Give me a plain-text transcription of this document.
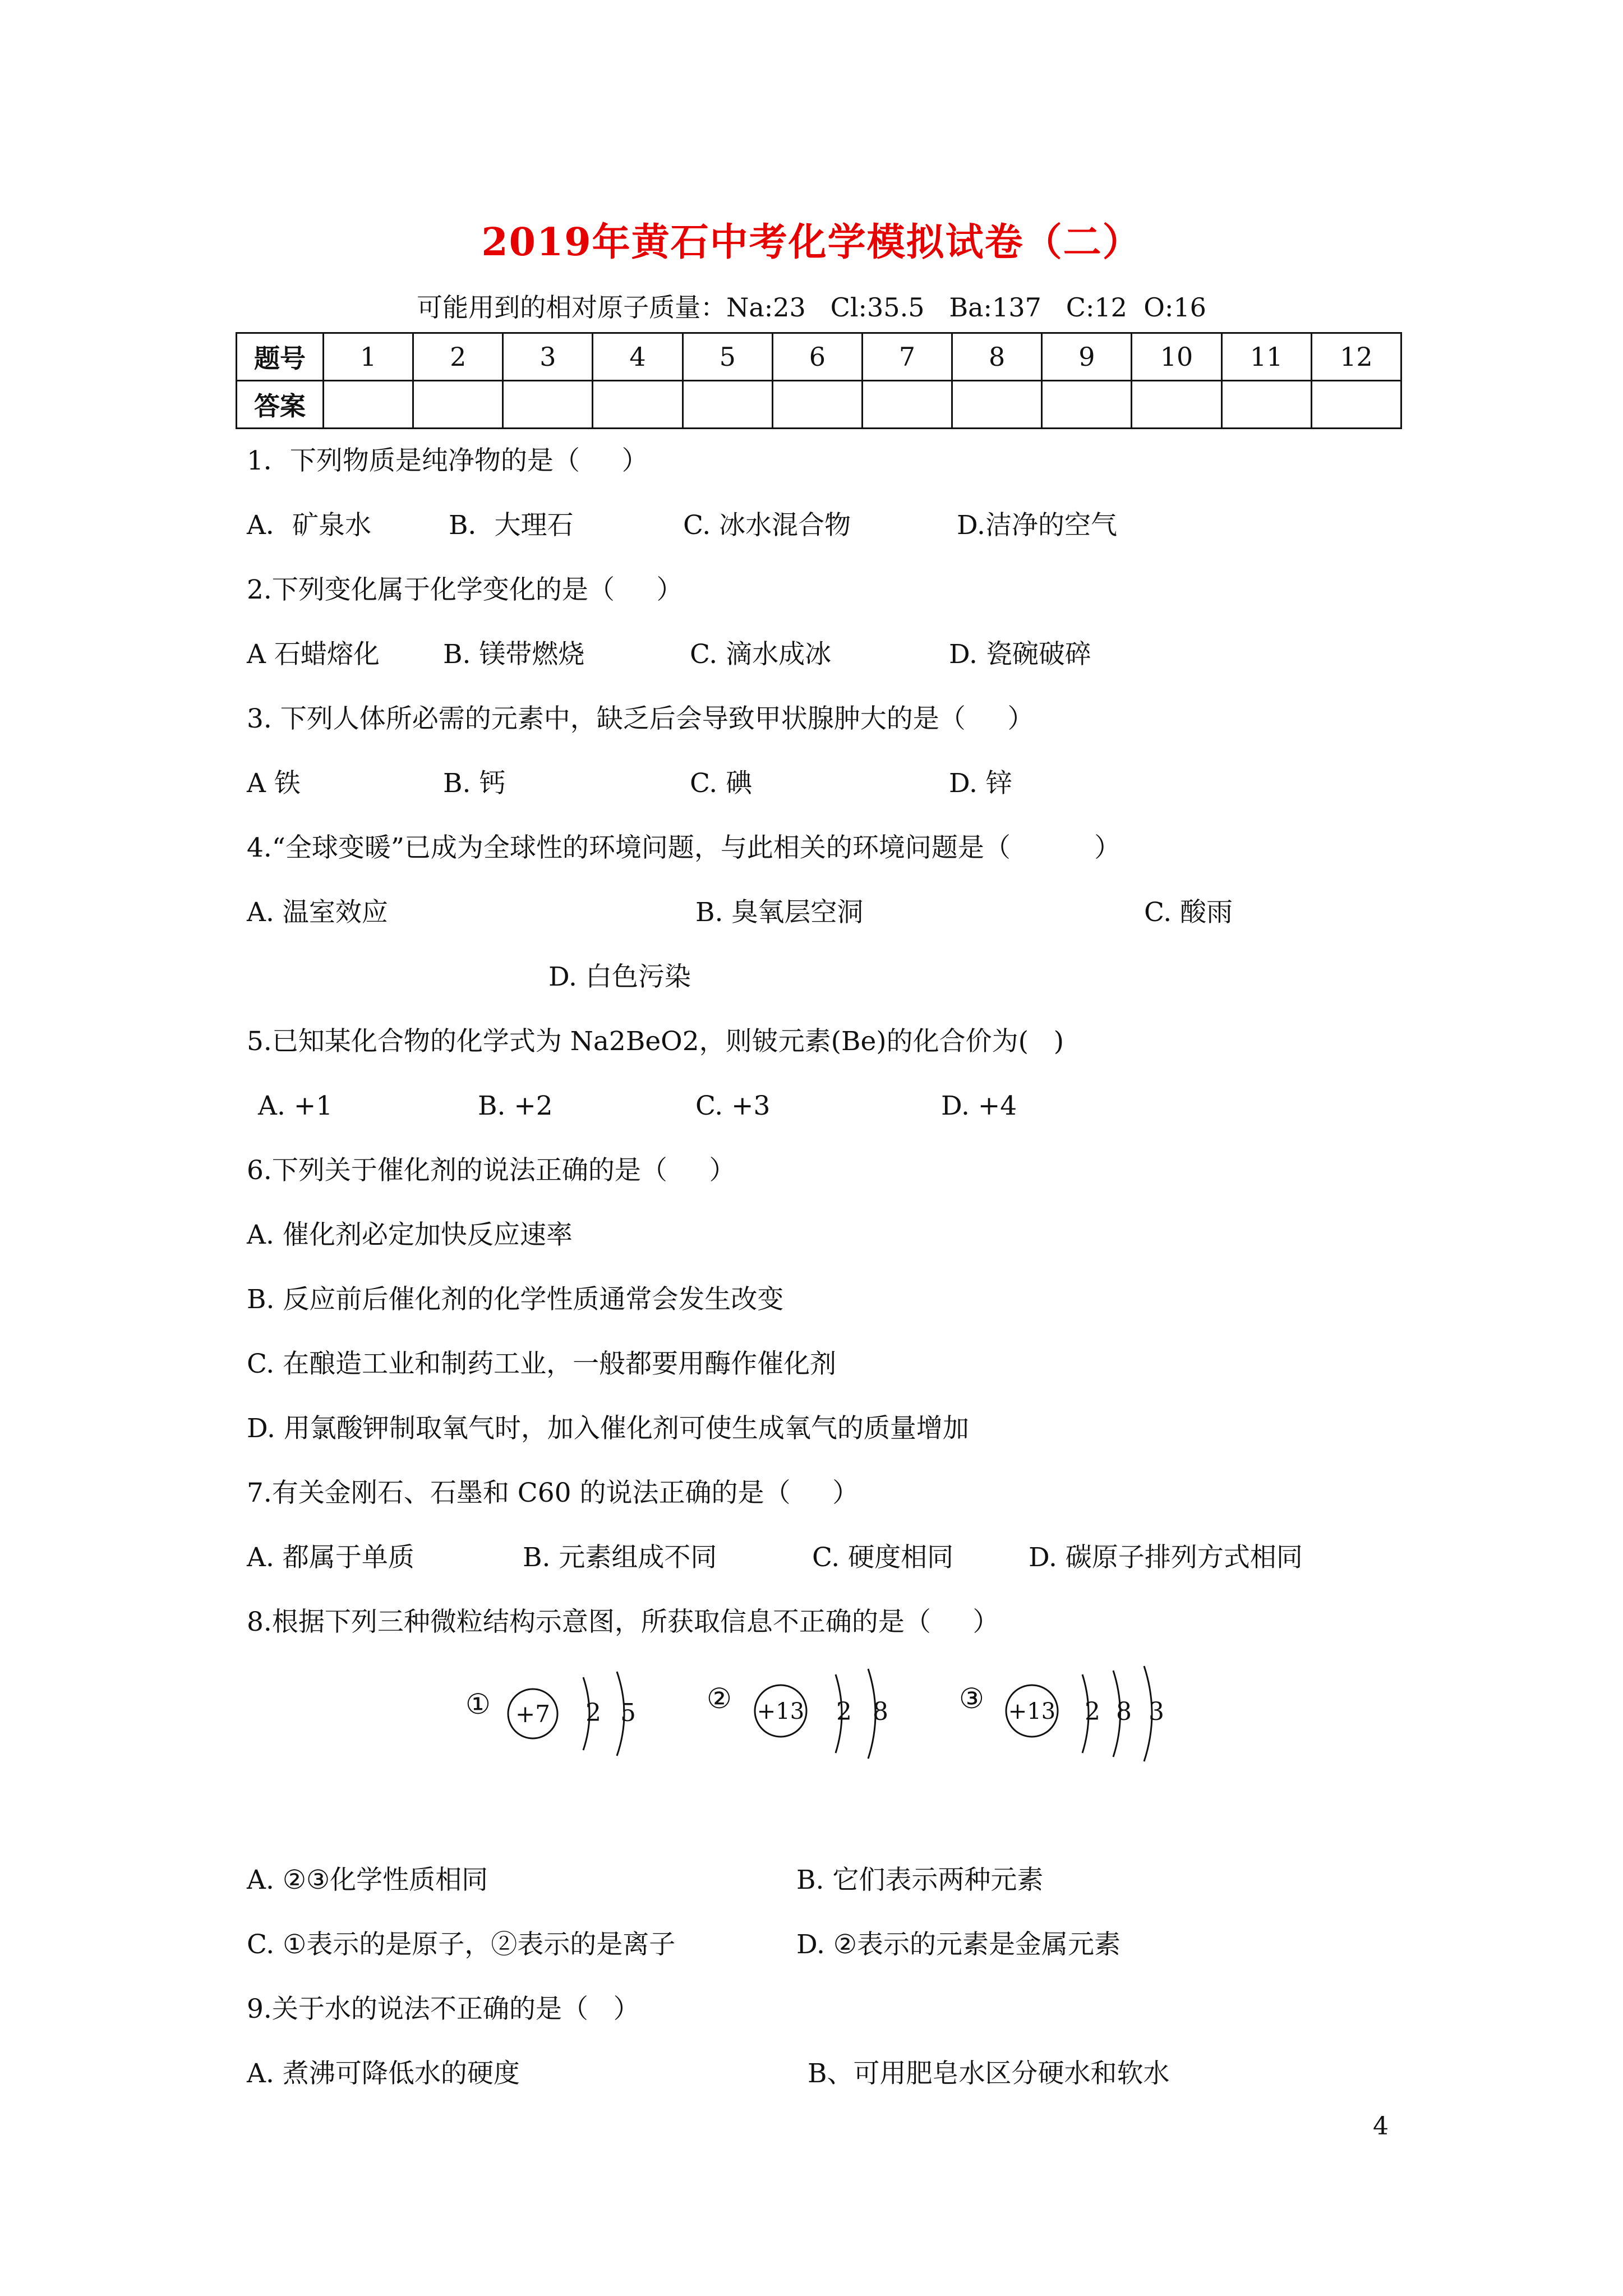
2019年黄石中考化学模拟试卷（二）
可能用到的相对原子质量：Na:23   Cl:35.5   Ba:137   C:12  O:16
题号	1	2	3	4	5	6	7	8	9	10	11	12
答案												
1．下列物质是纯净物的是（     ）
A．矿泉水	B．大理石	C. 冰水混合物	D.洁净的空气
2.下列变化属于化学变化的是（     ）
A 石蜡熔化 B. 镁带燃烧	C. 滴水成冰	D. 瓷碗破碎
3. 下列人体所必需的元素中，缺乏后会导致甲状腺肿大的是（     ）
A 铁	B. 钙	C. 碘	D. 锌
4.“全球变暖”已成为全球性的环境问题，与此相关的环境问题是（          ）
A. 温室效应	B. 臭氧层空洞	C. 酸雨
D. 白色污染
5.已知某化合物的化学式为 Na2BeO2，则铍元素(Be)的化合价为(   )
A. +1	B. +2	C. +3	D. +4
6.下列关于催化剂的说法正确的是（     ）
A. 催化剂必定加快反应速率
B. 反应前后催化剂的化学性质通常会发生改变
C. 在酿造工业和制药工业，一般都要用酶作催化剂
D. 用氯酸钾制取氧气时，加入催化剂可使生成氧气的质量增加
7.有关金刚石、石墨和 C60 的说法正确的是（     ）
A. 都属于单质	B. 元素组成不同	C. 硬度相同	D. 碳原子排列方式相同
8.根据下列三种微粒结构示意图，所获取信息不正确的是（     ）
① +7 2 5	② +13 2 8	③ +13 2 8 3
A. ②③化学性质相同	B. 它们表示两种元素
C. ①表示的是原子，②表示的是离子	D. ②表示的元素是金属元素
9.关于水的说法不正确的是（   ）
A. 煮沸可降低水的硬度	B、可用肥皂水区分硬水和软水
4
